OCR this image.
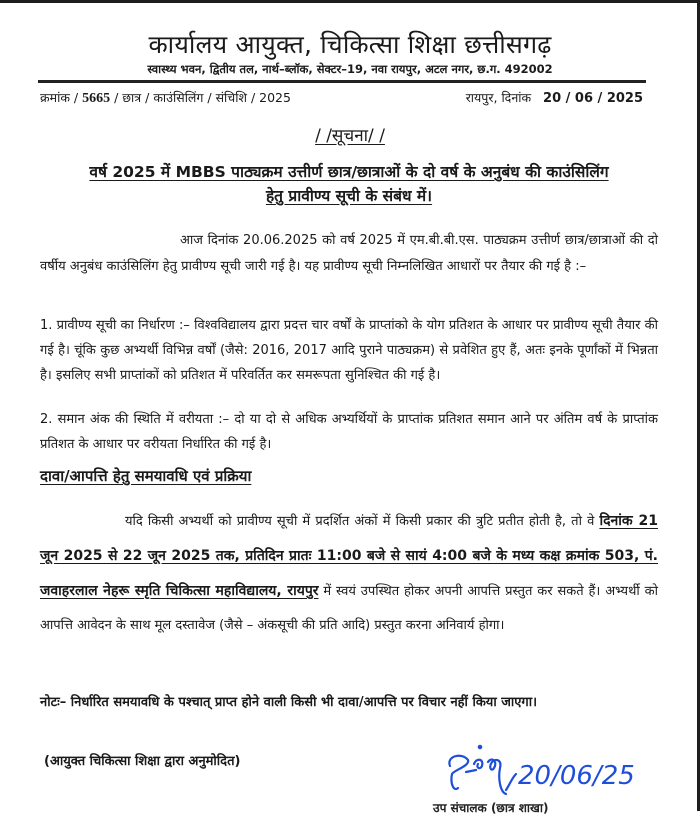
कार्यालय आयुक्त, चिकित्सा शिक्षा छत्तीसगढ़
स्वास्थ्य भवन, द्वितीय तल, नार्थ–ब्लॉक, सेक्टर–19, नवा रायपुर, अटल नगर, छ.ग. 492002
क्रमांक / 5665 / छात्र / काउंसिलिंग / संचिशि / 2025	रायपुर, दिनांक 20 / 06 / 2025
/ /सूचना/ /
वर्ष 2025 में MBBS पाठ्यक्रम उत्तीर्ण छात्र/छात्राओं के दो वर्ष के अनुबंध की काउंसिलिंग
हेतु प्रावीण्य सूची के संबंध में।
आज दिनांक 20.06.2025 को वर्ष 2025 में एम.बी.बी.एस. पाठ्यक्रम उत्तीर्ण छात्र/छात्राओं की दो वर्षीय अनुबंध काउंसिलिंग हेतु प्रावीण्य सूची जारी गई है। यह प्रावीण्य सूची निम्नलिखित आधारों पर तैयार की गई है :–
1. प्रावीण्य सूची का निर्धारण :– विश्वविद्यालय द्वारा प्रदत्त चार वर्षों के प्राप्तांको के योग प्रतिशत के आधार पर प्रावीण्य सूची तैयार की गई है। चूंकि कुछ अभ्यर्थी विभिन्न वर्षों (जैसे: 2016, 2017 आदि पुराने पाठ्यक्रम) से प्रवेशित हुए हैं, अतः इनके पूर्णांकों में भिन्नता है। इसलिए सभी प्राप्तांकों को प्रतिशत में परिवर्तित कर समरूपता सुनिश्चित की गई है।
2. समान अंक की स्थिति में वरीयता :– दो या दो से अधिक अभ्यर्थियों के प्राप्तांक प्रतिशत समान आने पर अंतिम वर्ष के प्राप्तांक प्रतिशत के आधार पर वरीयता निर्धारित की गई है।
दावा/आपत्ति हेतु समयावधि एवं प्रक्रिया
यदि किसी अभ्यर्थी को प्रावीण्य सूची में प्रदर्शित अंकों में किसी प्रकार की त्रुटि प्रतीत होती है, तो वे दिनांक 21 जून 2025 से 22 जून 2025 तक, प्रतिदिन प्रातः 11:00 बजे से सायं 4:00 बजे के मध्य कक्ष क्रमांक 503, पं. जवाहरलाल नेहरू स्मृति चिकित्सा महाविद्यालय, रायपुर में स्वयं उपस्थित होकर अपनी आपत्ति प्रस्तुत कर सकते हैं। अभ्यर्थी को आपत्ति आवेदन के साथ मूल दस्तावेज (जैसे – अंकसूची की प्रति आदि) प्रस्तुत करना अनिवार्य होगा।
नोटः– निर्धारित समयावधि के पश्चात् प्राप्त होने वाली किसी भी दावा/आपत्ति पर विचार नहीं किया जाएगा।
(आयुक्त चिकित्सा शिक्षा द्वारा अनुमोदित)	20/06/25
उप संचालक (छात्र शाखा)
